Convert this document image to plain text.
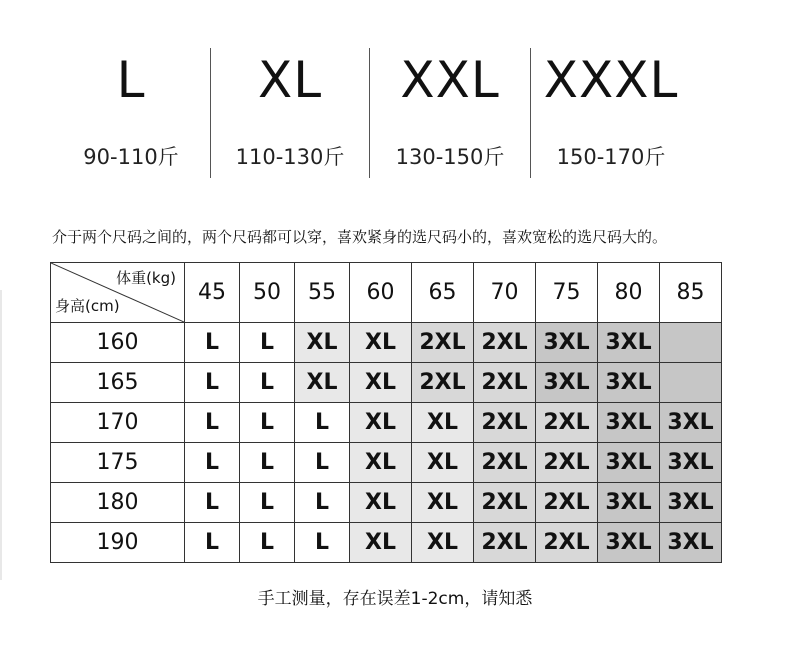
L
90-110斤
XL
110-130斤
XXL
130-150斤
XXXL
150-170斤
介于两个尺码之间的，两个尺码都可以穿，喜欢紧身的选尺码小的，喜欢宽松的选尺码大的。
体重(kg)
身高(cm)	45	50	55	60	65	70	75	80	85
160	L	L	XL	XL	2XL	2XL	3XL	3XL	
165	L	L	XL	XL	2XL	2XL	3XL	3XL	
170	L	L	L	XL	XL	2XL	2XL	3XL	3XL
175	L	L	L	XL	XL	2XL	2XL	3XL	3XL
180	L	L	L	XL	XL	2XL	2XL	3XL	3XL
190	L	L	L	XL	XL	2XL	2XL	3XL	3XL
手工测量，存在误差1-2cm，请知悉
